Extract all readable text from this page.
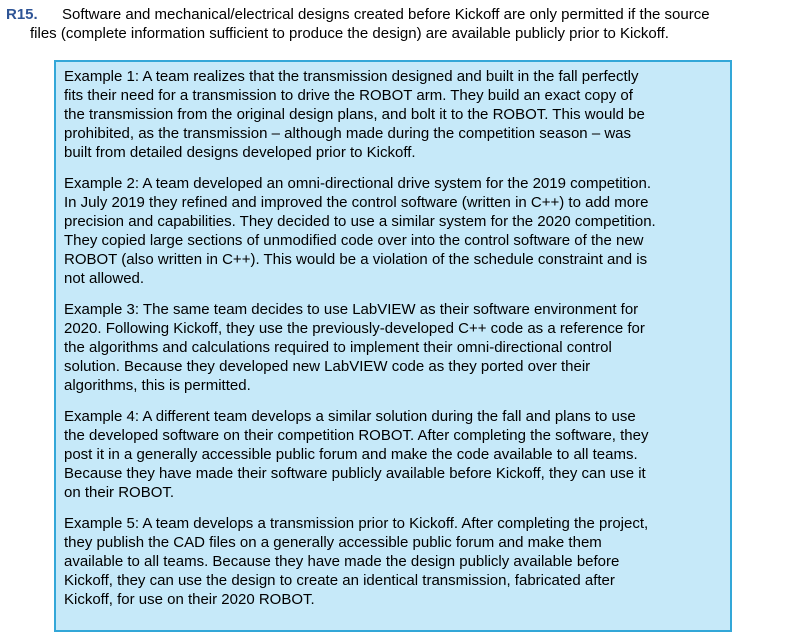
R15. Software and mechanical/electrical designs created before Kickoff are only permitted if the source
files (complete information sufficient to produce the design) are available publicly prior to Kickoff.
Example 1: A team realizes that the transmission designed and built in the fall perfectly
fits their need for a transmission to drive the ROBOT arm. They build an exact copy of
the transmission from the original design plans, and bolt it to the ROBOT. This would be
prohibited, as the transmission – although made during the competition season – was
built from detailed designs developed prior to Kickoff.
Example 2: A team developed an omni-directional drive system for the 2019 competition.
In July 2019 they refined and improved the control software (written in C++) to add more
precision and capabilities. They decided to use a similar system for the 2020 competition.
They copied large sections of unmodified code over into the control software of the new
ROBOT (also written in C++). This would be a violation of the schedule constraint and is
not allowed.
Example 3: The same team decides to use LabVIEW as their software environment for
2020. Following Kickoff, they use the previously-developed C++ code as a reference for
the algorithms and calculations required to implement their omni-directional control
solution. Because they developed new LabVIEW code as they ported over their
algorithms, this is permitted.
Example 4: A different team develops a similar solution during the fall and plans to use
the developed software on their competition ROBOT. After completing the software, they
post it in a generally accessible public forum and make the code available to all teams.
Because they have made their software publicly available before Kickoff, they can use it
on their ROBOT.
Example 5: A team develops a transmission prior to Kickoff. After completing the project,
they publish the CAD files on a generally accessible public forum and make them
available to all teams. Because they have made the design publicly available before
Kickoff, they can use the design to create an identical transmission, fabricated after
Kickoff, for use on their 2020 ROBOT.
